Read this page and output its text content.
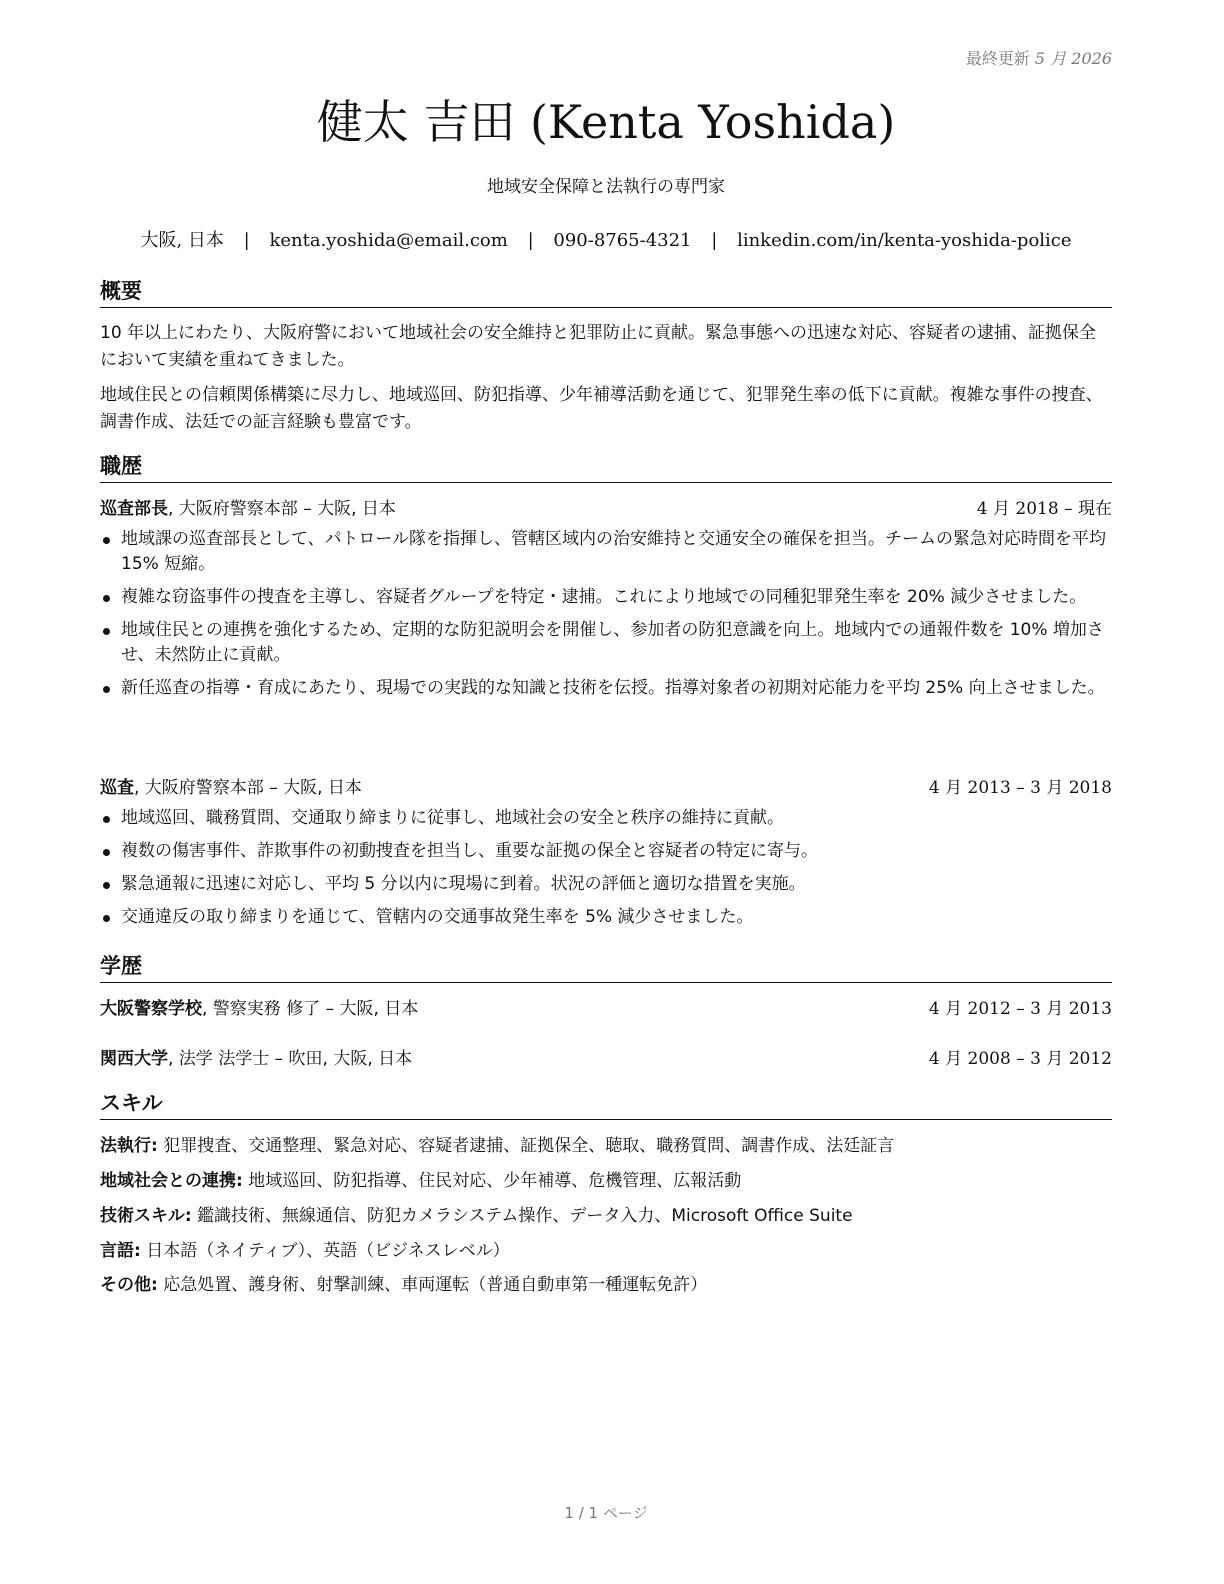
最終更新 5 月 2026
健太 吉田 (Kenta Yoshida)
地域安全保障と法執行の専門家
大阪, 日本 | kenta.yoshida@email.com | 090-8765-4321 | linkedin.com/in/kenta-yoshida-police
概要
10 年以上にわたり、大阪府警において地域社会の安全維持と犯罪防止に貢献。緊急事態への迅速な対応、容疑者の逮捕、証拠保全において実績を重ねてきました。
地域住民との信頼関係構築に尽力し、地域巡回、防犯指導、少年補導活動を通じて、犯罪発生率の低下に貢献。複雑な事件の捜査、調書作成、法廷での証言経験も豊富です。
職歴
巡査部長, 大阪府警察本部 – 大阪, 日本	4 月 2018 – 現在
地域課の巡査部長として、パトロール隊を指揮し、管轄区域内の治安維持と交通安全の確保を担当。チームの緊急対応時間を平均 15% 短縮。
複雑な窃盗事件の捜査を主導し、容疑者グループを特定・逮捕。これにより地域での同種犯罪発生率を 20% 減少させました。
地域住民との連携を強化するため、定期的な防犯説明会を開催し、参加者の防犯意識を向上。地域内での通報件数を 10% 増加させ、未然防止に貢献。
新任巡査の指導・育成にあたり、現場での実践的な知識と技術を伝授。指導対象者の初期対応能力を平均 25% 向上させました。
巡査, 大阪府警察本部 – 大阪, 日本	4 月 2013 – 3 月 2018
地域巡回、職務質問、交通取り締まりに従事し、地域社会の安全と秩序の維持に貢献。
複数の傷害事件、詐欺事件の初動捜査を担当し、重要な証拠の保全と容疑者の特定に寄与。
緊急通報に迅速に対応し、平均 5 分以内に現場に到着。状況の評価と適切な措置を実施。
交通違反の取り締まりを通じて、管轄内の交通事故発生率を 5% 減少させました。
学歴
大阪警察学校, 警察実務 修了 – 大阪, 日本	4 月 2012 – 3 月 2013
関西大学, 法学 法学士 – 吹田, 大阪, 日本	4 月 2008 – 3 月 2012
スキル
法執行: 犯罪捜査、交通整理、緊急対応、容疑者逮捕、証拠保全、聴取、職務質問、調書作成、法廷証言
地域社会との連携: 地域巡回、防犯指導、住民対応、少年補導、危機管理、広報活動
技術スキル: 鑑識技術、無線通信、防犯カメラシステム操作、データ入力、Microsoft Office Suite
言語: 日本語（ネイティブ）、英語（ビジネスレベル）
その他: 応急処置、護身術、射撃訓練、車両運転（普通自動車第一種運転免許）
1 / 1 ページ
